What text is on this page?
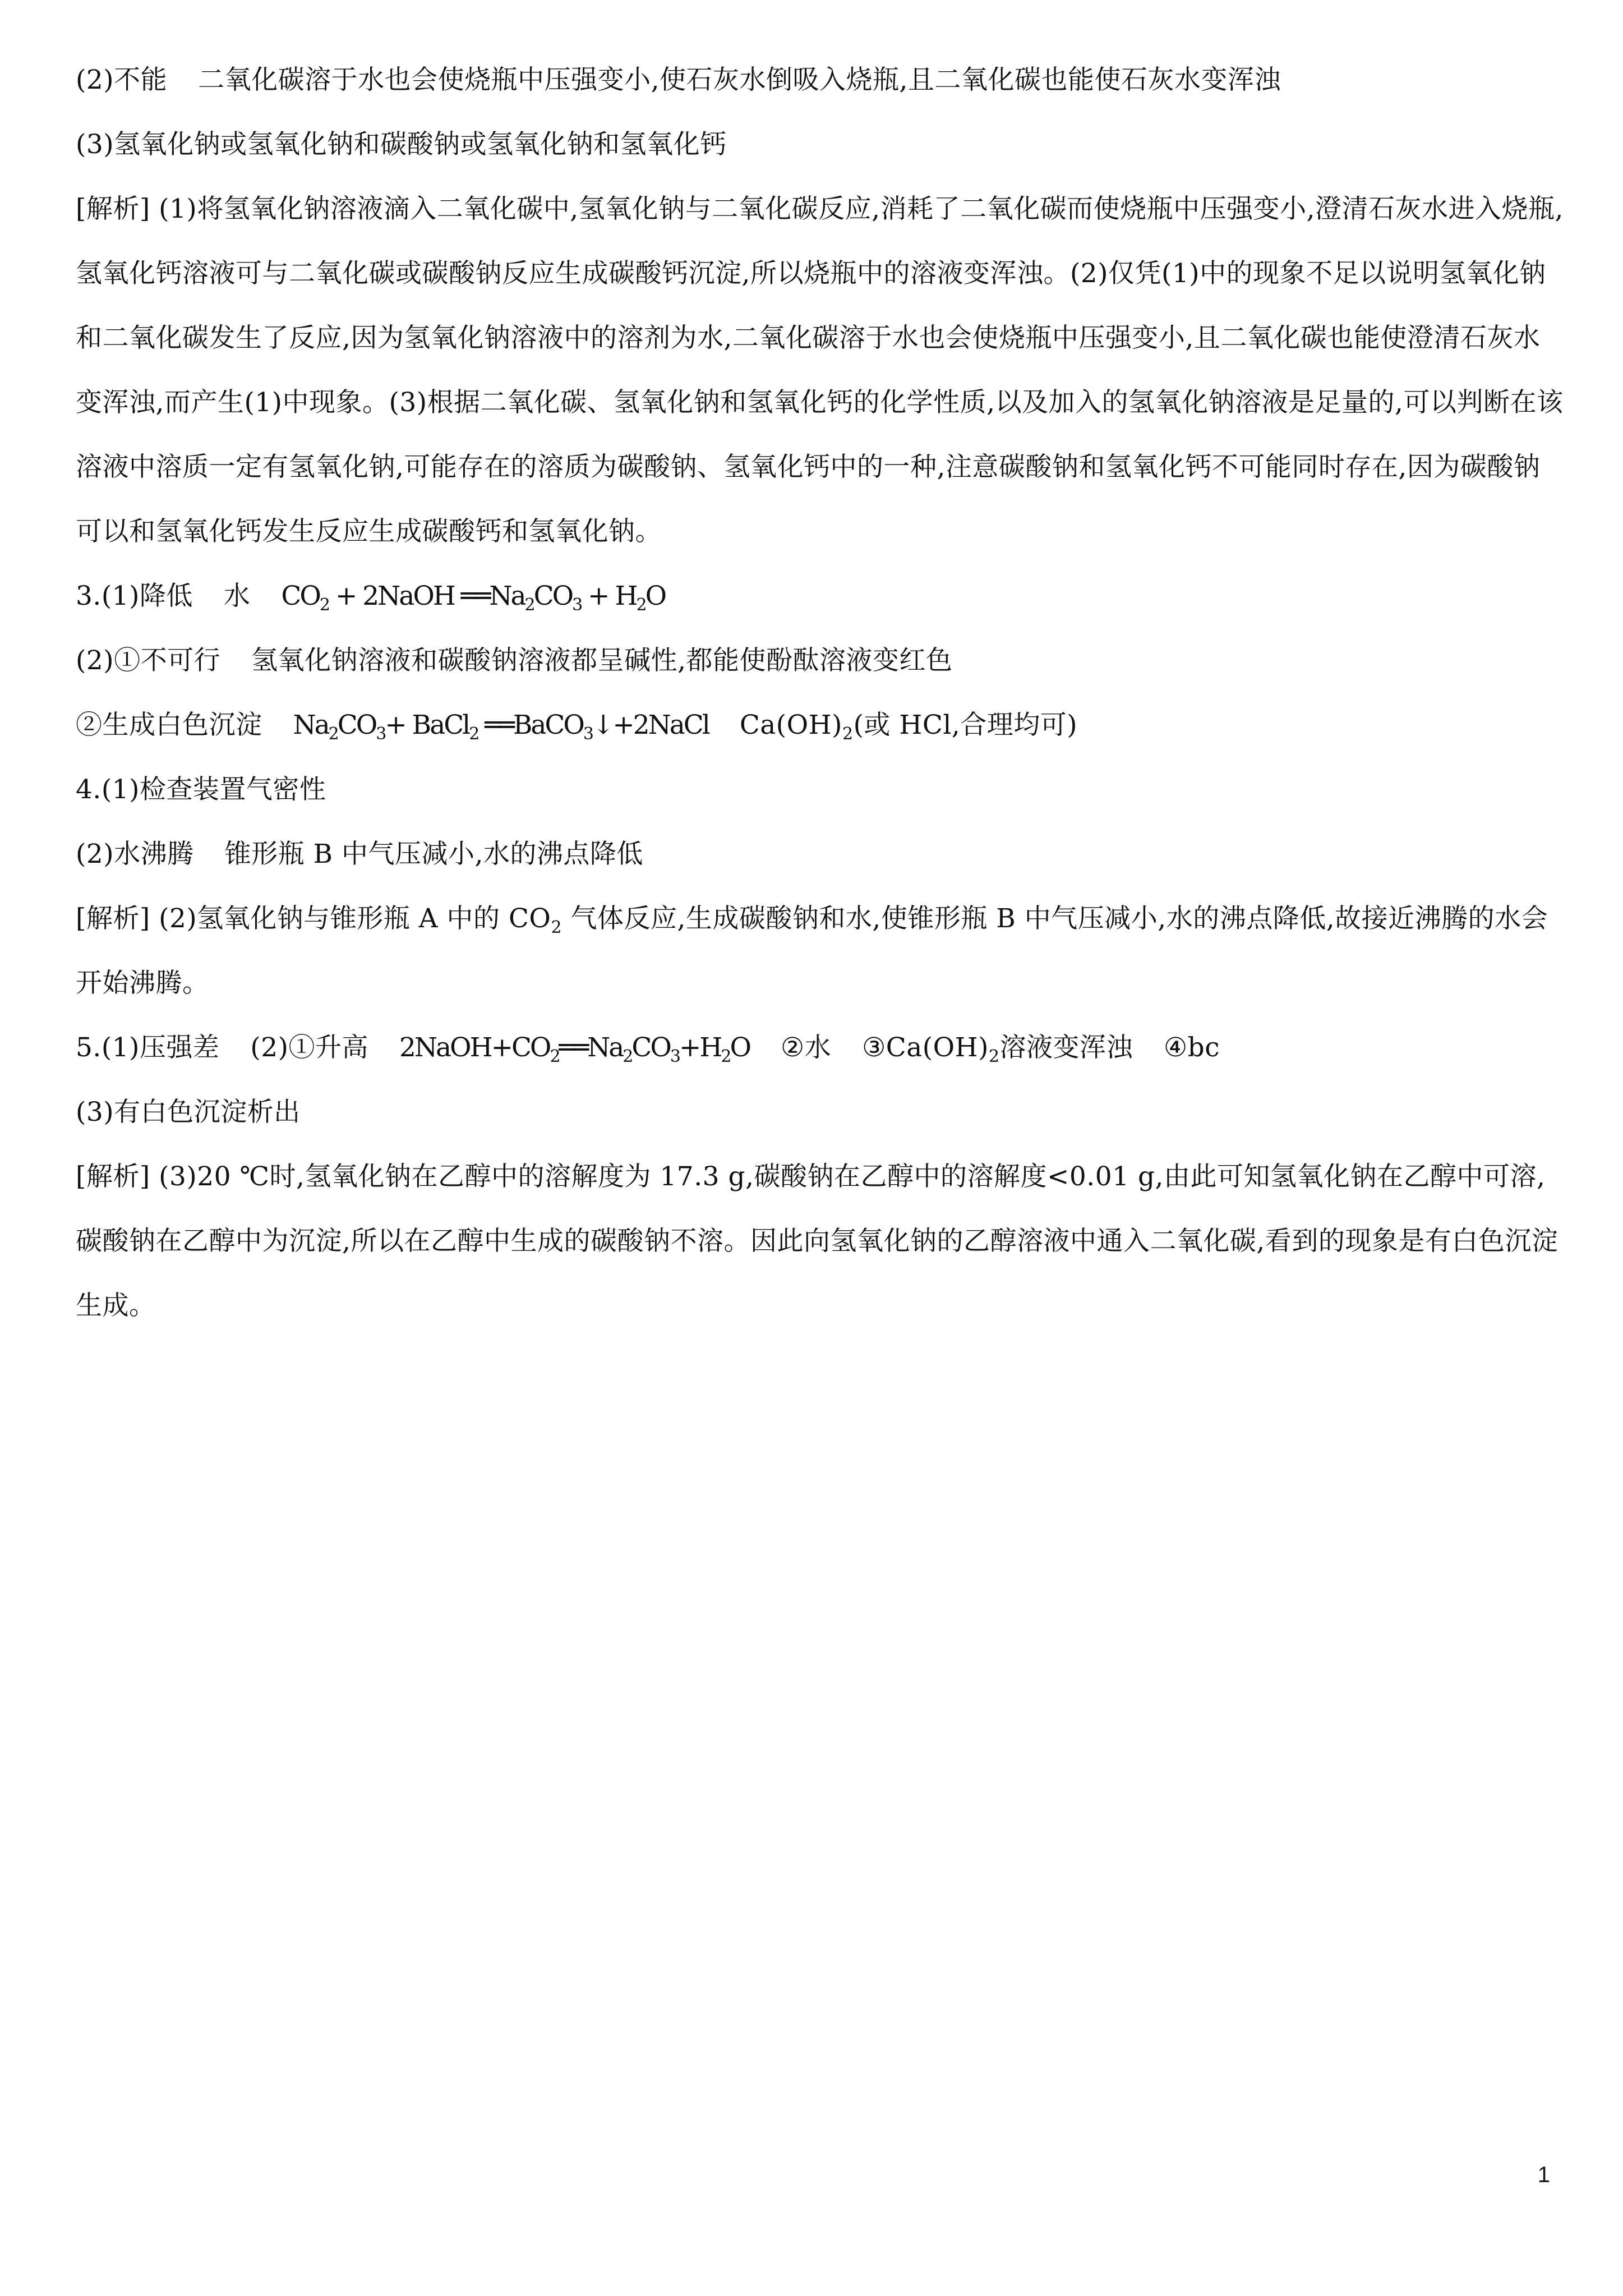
(2)不能 二氧化碳溶于水也会使烧瓶中压强变小,使石灰水倒吸入烧瓶,且二氧化碳也能使石灰水变浑浊
(3)氢氧化钠或氢氧化钠和碳酸钠或氢氧化钠和氢氧化钙
[解析] (1)将氢氧化钠溶液滴入二氧化碳中,氢氧化钠与二氧化碳反应,消耗了二氧化碳而使烧瓶中压强变小,澄清石灰水进入烧瓶,氢氧化钙溶液可与二氧化碳或碳酸钠反应生成碳酸钙沉淀,所以烧瓶中的溶液变浑浊。(2)仅凭(1)中的现象不足以说明氢氧化钠和二氧化碳发生了反应,因为氢氧化钠溶液中的溶剂为水,二氧化碳溶于水也会使烧瓶中压强变小,且二氧化碳也能使澄清石灰水变浑浊,而产生(1)中现象。(3)根据二氧化碳、氢氧化钠和氢氧化钙的化学性质,以及加入的氢氧化钠溶液是足量的,可以判断在该溶液中溶质一定有氢氧化钠,可能存在的溶质为碳酸钠、氢氧化钙中的一种,注意碳酸钠和氢氧化钙不可能同时存在,因为碳酸钠可以和氢氧化钙发生反应生成碳酸钙和氢氧化钠。
3.(1)降低 水 $CO_2$ + 2NaOH $══Na_2CO_3 + H_2O$
(2)①不可行 氢氧化钠溶液和碳酸钠溶液都呈碱性,都能使酚酞溶液变红色
②生成白色沉淀 $Na_2CO_3+$ BaCl$_2$ ══BaCO$_3$↓+2NaCl $Ca(OH)_2$(或 HCl,合理均可)
4.(1)检查装置气密性
(2)水沸腾 锥形瓶 B 中气压减小,水的沸点降低
[解析] (2)氢氧化钠与锥形瓶 A 中的 $CO_2$ 气体反应,生成碳酸钠和水,使锥形瓶 B 中气压减小,水的沸点降低,故接近沸腾的水会开始沸腾。
5.(1)压强差 (2)①升高 $2NaOH+CO_2══Na_2CO_3+H_2O$ ②水 $③Ca(OH)_2$溶液变浑浊 ④bc
(3)有白色沉淀析出
[解析] (3)20 ℃时,氢氧化钠在乙醇中的溶解度为 17.3 g,碳酸钠在乙醇中的溶解度<0.01 g,由此可知氢氧化钠在乙醇中可溶,碳酸钠在乙醇中为沉淀,所以在乙醇中生成的碳酸钠不溶。因此向氢氧化钠的乙醇溶液中通入二氧化碳,看到的现象是有白色沉淀生成。
1
